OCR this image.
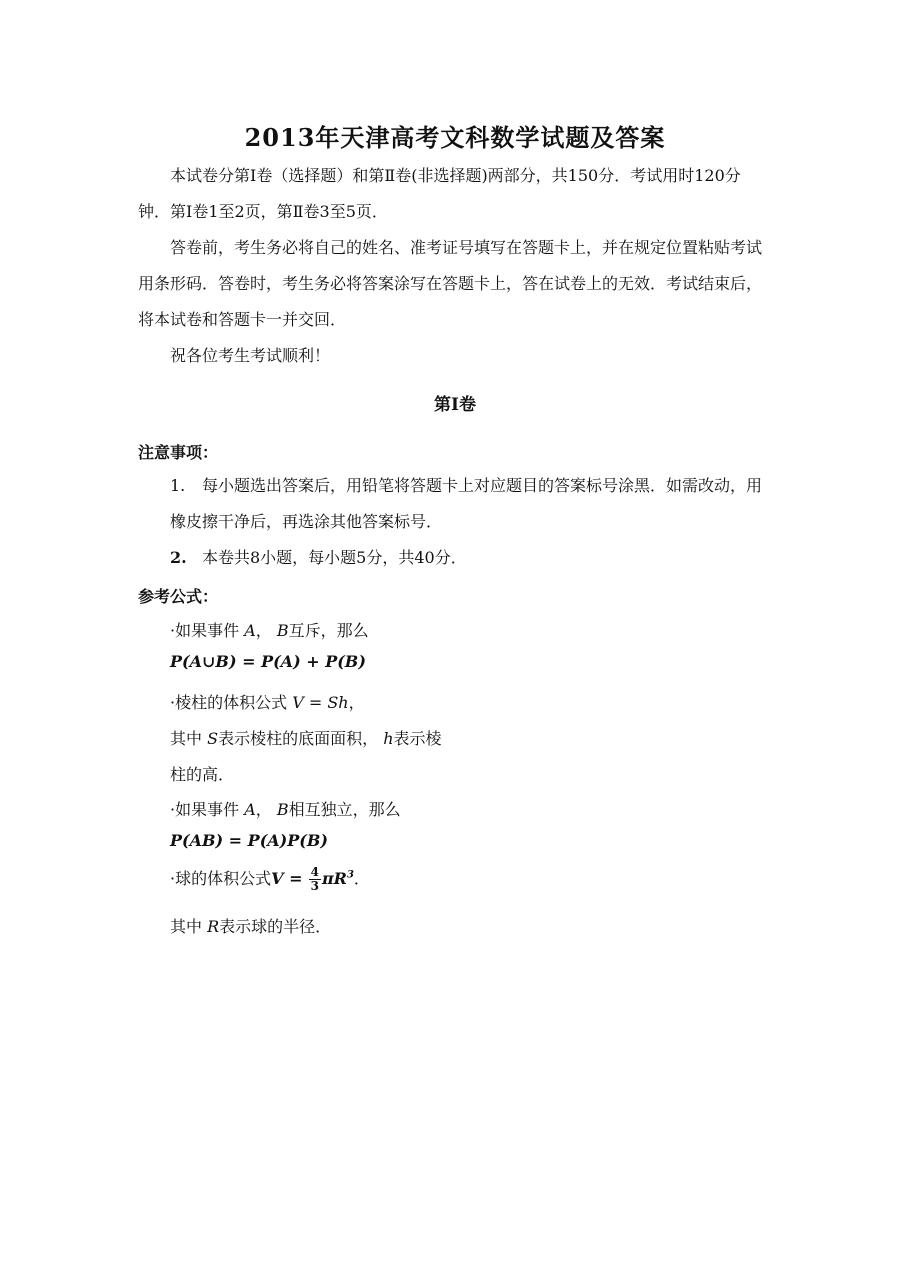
2013年天津高考文科数学试题及答案

本试卷分第Ⅰ卷（选择题）和第Ⅱ卷(非选择题)两部分，共150分．考试用时120分钟．第Ⅰ卷1至2页，第Ⅱ卷3至5页．

答卷前，考生务必将自己的姓名、准考证号填写在答题卡上，并在规定位置粘贴考试用条形码．答卷时，考生务必将答案涂写在答题卡上，答在试卷上的无效．考试结束后，将本试卷和答题卡一并交回．

祝各位考生考试顺利！

第Ⅰ卷
注意事项：
1. 每小题选出答案后，用铅笔将答题卡上对应题目的答案标号涂黑．如需改动，用橡皮擦干净后，再选涂其他答案标号．
2. 本卷共8小题，每小题5分，共40分．
参考公式：
·如果事件 A， B互斥，那么
P(A∪B) = P(A) + P(B)
·棱柱的体积公式 V = Sh，
其中 S表示棱柱的底面面积， h表示棱
柱的高．
·如果事件 A， B相互独立，那么
P(AB) = P(A)P(B)
·球的体积公式$V = \frac{4}{3} \pi R^3$．
其中 R表示球的半径．
